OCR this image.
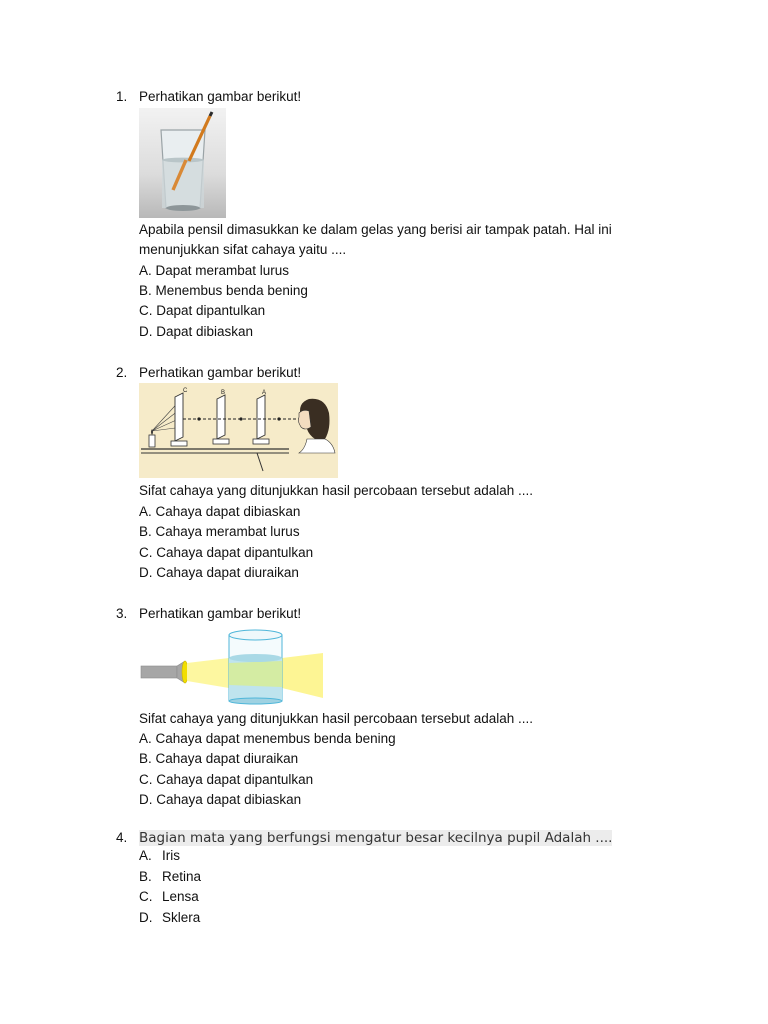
1. Perhatikan gambar berikut!
Apabila pensil dimasukkan ke dalam gelas yang berisi air tampak patah. Hal ini
menunjukkan sifat cahaya yaitu ....
A. Dapat merambat lurus
B. Menembus benda bening
C. Dapat dipantulkan
D. Dapat dibiaskan
2. Perhatikan gambar berikut!
C	B	A
Sifat cahaya yang ditunjukkan hasil percobaan tersebut adalah ....
A. Cahaya dapat dibiaskan
B. Cahaya merambat lurus
C. Cahaya dapat dipantulkan
D. Cahaya dapat diuraikan
3. Perhatikan gambar berikut!
Sifat cahaya yang ditunjukkan hasil percobaan tersebut adalah ....
A. Cahaya dapat menembus benda bening
B. Cahaya dapat diuraikan
C. Cahaya dapat dipantulkan
D. Cahaya dapat dibiaskan
4. Bagian mata yang berfungsi mengatur besar kecilnya pupil Adalah ....
A. Iris
B. Retina
C. Lensa
D. Sklera
